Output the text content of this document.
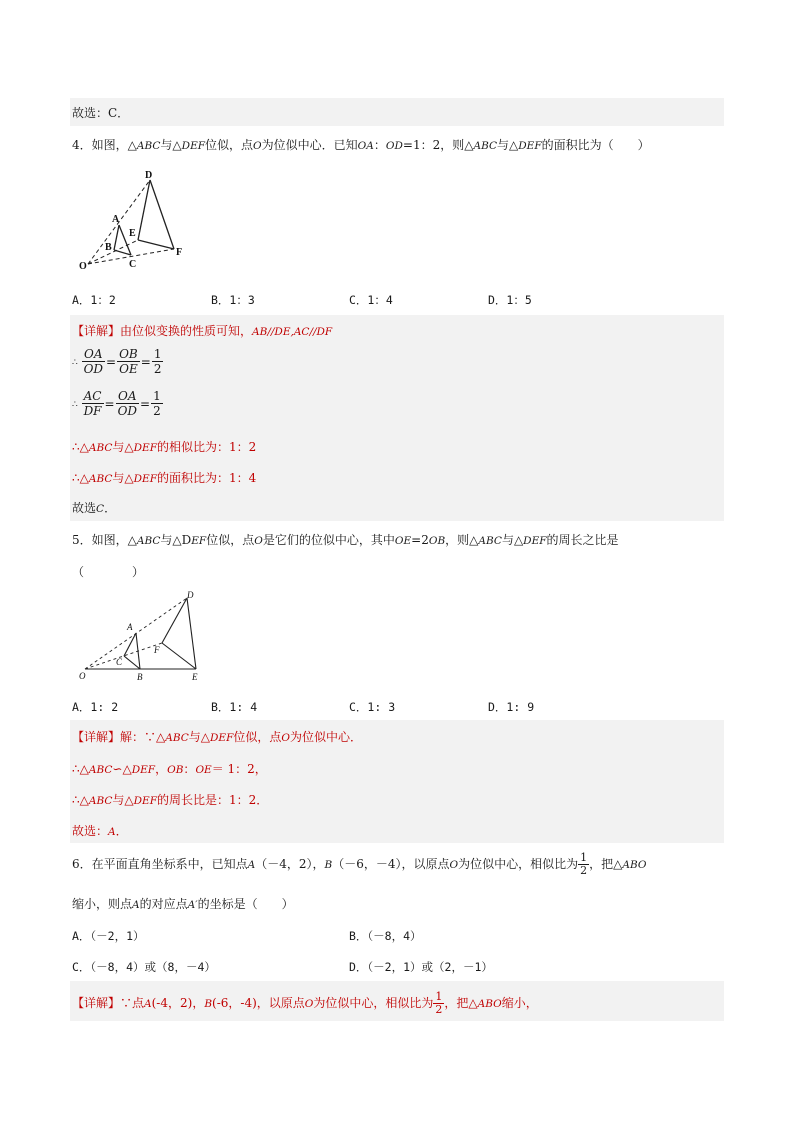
故选：C．
4．如图，△ABC与△DEF位似，点O为位似中心．已知OA：OD=1：2，则△ABC与△DEF的面积比为（　　）
D
A
E
B
C
F
O
A．1：2	B．1：3	C．1：4	D．1：5
【详解】由位似变换的性质可知，AB//DE,AC//DF
∴ $\frac{OA}{OD} = \frac{OB}{OE} = \frac{1}{2}$
∴ $\frac{AC}{DF} = \frac{OA}{OD} = \frac{1}{2}$
∴△ABC与△DEF的相似比为：1：2
∴△ABC与△DEF的面积比为：1：4
故选C．
5．如图，△ABC与△DEF位似，点O是它们的位似中心，其中OE=2OB，则△ABC与△DEF的周长之比是
（　　　　）
D
A
F
C
O	B	E
A．1: 2	B．1: 4	C．1: 3	D．1: 9
【详解】解：∵△ABC与△DEF位似，点O为位似中心．
∴△ABC∽△DEF，OB：OE＝ 1：2，
∴△ABC与△DEF的周长比是：1：2．
故选：A．
6．在平面直角坐标系中，已知点A（－4，2），B（－6，－4），以原点O为位似中心，相似比为 $\frac{1}{2}$ ，把△ABO
缩小，则点A的对应点A′的坐标是（　　）
A．（－2，1）	B．（－8，4）
C．（－8，4）或（8，－4）	D．（－2，1）或（2，－1）
【详解】∵点A(-4，2)，B(-6，-4)，以原点O为位似中心，相似比为 $\frac{1}{2}$ ，把△ABO缩小，
